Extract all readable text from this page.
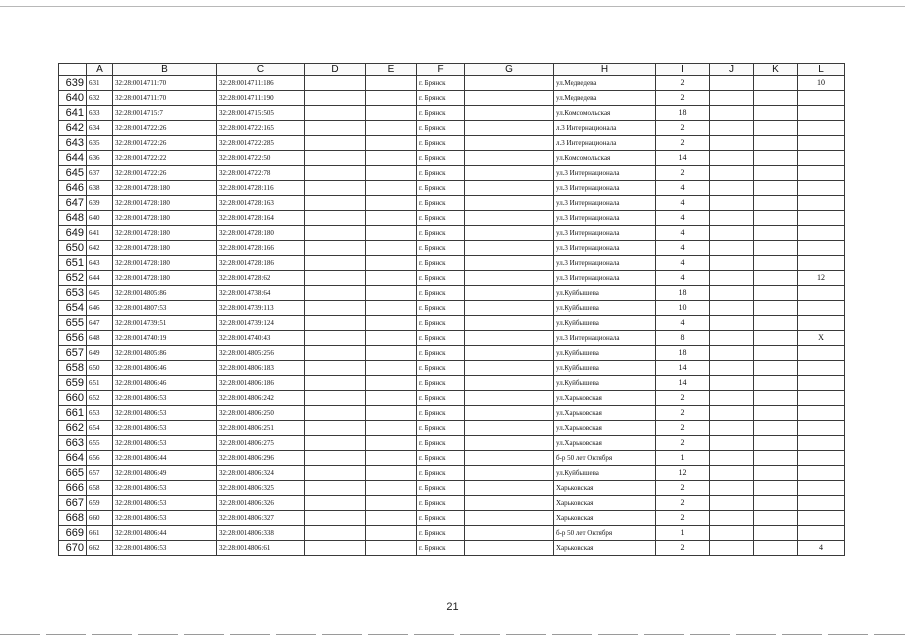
	A	B	C	D	E	F	G	H	I	J	K	L
639	631	32:28:0014711:70	32:28:0014711:186			г. Брянск		ул.Медведева	2			10
640	632	32:28:0014711:70	32:28:0014711:190			г. Брянск		ул.Медведева	2			
641	633	32:28:0014715:7	32:28:0014715:505			г. Брянск		ул.Комсомольская	18			
642	634	32:28:0014722:26	32:28:0014722:165			г. Брянск		л.3 Интернационала	2			
643	635	32:28:0014722:26	32:28:0014722:285			г. Брянск		л.3 Интернационала	2			
644	636	32:28:0014722:22	32:28:0014722:50			г. Брянск		ул.Комсомольская	14			
645	637	32:28:0014722:26	32:28:0014722:78			г. Брянск		ул.3 Интернационала	2			
646	638	32:28:0014728:180	32:28:0014728:116			г. Брянск		ул.3 Интернационала	4			
647	639	32:28:0014728:180	32:28:0014728:163			г. Брянск		ул.3 Интернационала	4			
648	640	32:28:0014728:180	32:28:0014728:164			г. Брянск		ул.3 Интернационала	4			
649	641	32:28:0014728:180	32:28:0014728:180			г. Брянск		ул.3 Интернационала	4			
650	642	32:28:0014728:180	32:28:0014728:166			г. Брянск		ул.3 Интернационала	4			
651	643	32:28:0014728:180	32:28:0014728:186			г. Брянск		ул.3 Интернационала	4			
652	644	32:28:0014728:180	32:28:0014728:62			г. Брянск		ул.3 Интернационала	4			12
653	645	32:28:0014805:86	32:28:0014738:64			г. Брянск		ул.Куйбышева	18			
654	646	32:28:0014807:53	32:28:0014739:113			г. Брянск		ул.Куйбышева	10			
655	647	32:28:0014739:51	32:28:0014739:124			г. Брянск		ул.Куйбышева	4			
656	648	32:28:0014740:19	32:28:0014740:43			г. Брянск		ул.3 Интернационала	8			X
657	649	32:28:0014805:86	32:28:0014805:256			г. Брянск		ул.Куйбышева	18			
658	650	32:28:0014806:46	32:28:0014806:183			г. Брянск		ул.Куйбышева	14			
659	651	32:28:0014806:46	32:28:0014806:186			г. Брянск		ул.Куйбышева	14			
660	652	32:28:0014806:53	32:28:0014806:242			г. Брянск		ул.Харьковская	2			
661	653	32:28:0014806:53	32:28:0014806:250			г. Брянск		ул.Харьковская	2			
662	654	32:28:0014806:53	32:28:0014806:251			г. Брянск		ул.Харьковская	2			
663	655	32:28:0014806:53	32:28:0014806:275			г. Брянск		ул.Харьковская	2			
664	656	32:28:0014806:44	32:28:0014806:296			г. Брянск		б-р 50 лет Октября	1			
665	657	32:28:0014806:49	32:28:0014806:324			г. Брянск		ул.Куйбышева	12			
666	658	32:28:0014806:53	32:28:0014806:325			г. Брянск		Харьковская	2			
667	659	32:28:0014806:53	32:28:0014806:326			г. Брянск		Харьковская	2			
668	660	32:28:0014806:53	32:28:0014806:327			г. Брянск		Харьковская	2			
669	661	32:28:0014806:44	32:28:0014806:338			г. Брянск		б-р 50 лет Октября	1			
670	662	32:28:0014806:53	32:28:0014806:61			г. Брянск		Харьковская	2			4
21
